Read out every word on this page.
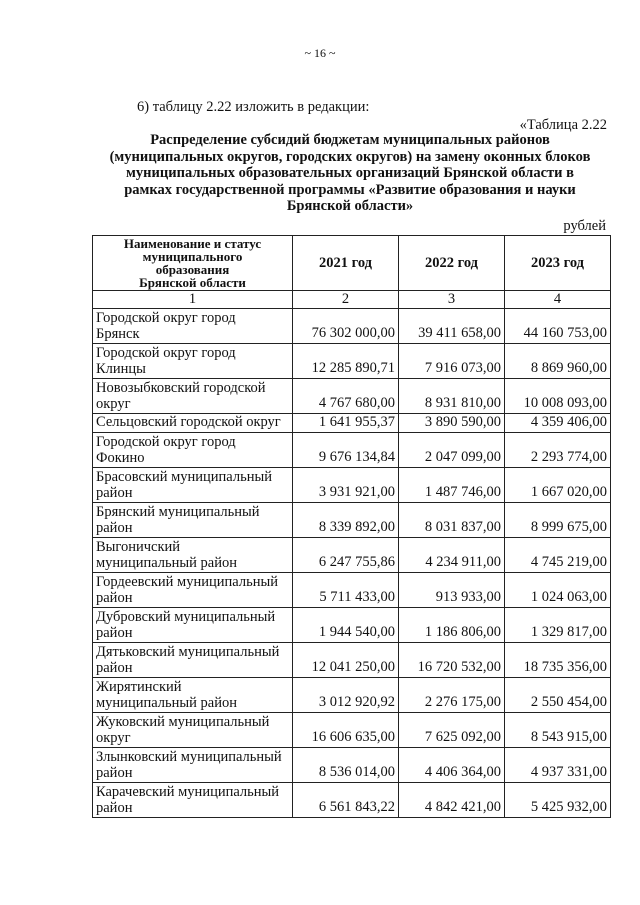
~ 16 ~
6) таблицу 2.22 изложить в редакции:
«Таблица 2.22
Распределение субсидий бюджетам муниципальных районов
(муниципальных округов, городских округов) на замену оконных блоков
муниципальных образовательных организаций Брянской области в
рамках государственной программы «Развитие образования и науки
Брянской области»
рублей
Наименование и статус
муниципального
образования
Брянской области	2021 год	2022 год	2023 год
1	2	3	4

Городской округ город
Брянск	76 302 000,00	39 411 658,00	44 160 753,00

Городской округ город
Клинцы	12 285 890,71	7 916 073,00	8 869 960,00

Новозыбковский городской
округ	4 767 680,00	8 931 810,00	10 008 093,00

Сельцовский городской округ	1 641 955,37	3 890 590,00	4 359 406,00

Городской округ город
Фокино	9 676 134,84	2 047 099,00	2 293 774,00

Брасовский муниципальный
район	3 931 921,00	1 487 746,00	1 667 020,00

Брянский муниципальный
район	8 339 892,00	8 031 837,00	8 999 675,00

Выгоничский
муниципальный район	6 247 755,86	4 234 911,00	4 745 219,00

Гордеевский муниципальный
район	5 711 433,00	913 933,00	1 024 063,00

Дубровский муниципальный
район	1 944 540,00	1 186 806,00	1 329 817,00

Дятьковский муниципальный
район	12 041 250,00	16 720 532,00	18 735 356,00

Жирятинский
муниципальный район	3 012 920,92	2 276 175,00	2 550 454,00

Жуковский муниципальный
округ	16 606 635,00	7 625 092,00	8 543 915,00

Злынковский муниципальный
район	8 536 014,00	4 406 364,00	4 937 331,00

Карачевский муниципальный
район	6 561 843,22	4 842 421,00	5 425 932,00
